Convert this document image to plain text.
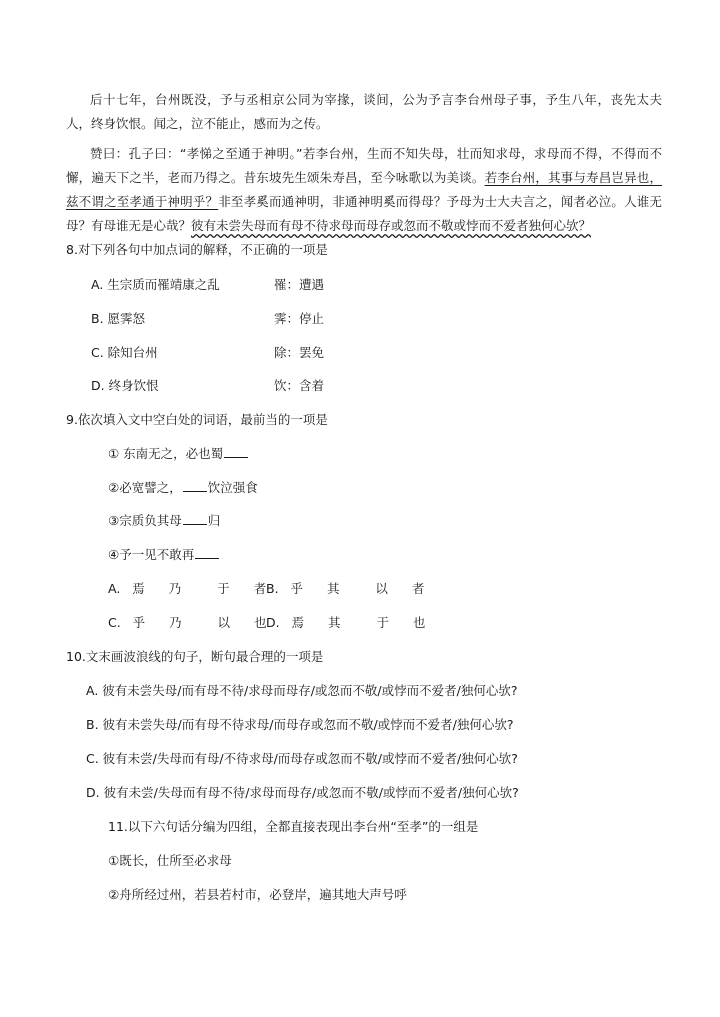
后十七年，台州既没，予与丞相京公同为宰掾，谈间，公为予言李台州母子事，予生八年，丧先太夫人，终身饮恨。闻之，泣不能止，感而为之传。

赞曰：孔子曰：“孝悌之至通于神明。”若李台州，生而不知失母，壮而知求母，求母而不得，不得而不懈，遍天下之半，老而乃得之。昔东坡先生颂朱寿昌，至今咏歌以为美谈。若李台州，其事与寿昌岂异也，兹不谓之至孝通于神明乎？非至孝奚而通神明，非通神明奚而得母？予母为士大夫言之，闻者必泣。人谁无母？有母谁无是心哉？彼有未尝失母而有母不待求母而母存或忽而不敬或悖而不爱者独何心欤？

8.对下列各句中加点词的解释，不正确的一项是
A. 生宗质而罹靖康之乱	罹：遭遇
B. 愿霁怒	霁：停止
C. 除知台州	除：罢免
D. 终身饮恨	饮：含着
9.依次填入文中空白处的词语，最前当的一项是
① 东南无之，必也蜀
②必宽譬之， 饮泣强食
③宗质负其母 归
④予一见不敢再
A. 焉  乃   于  者 B. 乎  其   以  者
C. 乎  乃   以  也 D. 焉  其   于  也
10.文末画波浪线的句子，断句最合理的一项是
A. 彼有未尝失母/而有母不待/求母而母存/或忽而不敬/或悖而不爱者/独何心欤?
B. 彼有未尝失母/而有母不待求母/而母存或忽而不敬/或悖而不爱者/独何心欤?
C. 彼有未尝/失母而有母/不待求母/而母存或忽而不敬/或悖而不爱者/独何心欤?
D. 彼有未尝/失母而有母不待/求母而母存/或忽而不敬/或悖而不爱者/独何心欤?
11.以下六句话分编为四组，全都直接表现出李台州“至孝”的一组是
①既长，仕所至必求母
②舟所经过州，若县若村市，必登岸，遍其地大声号呼
